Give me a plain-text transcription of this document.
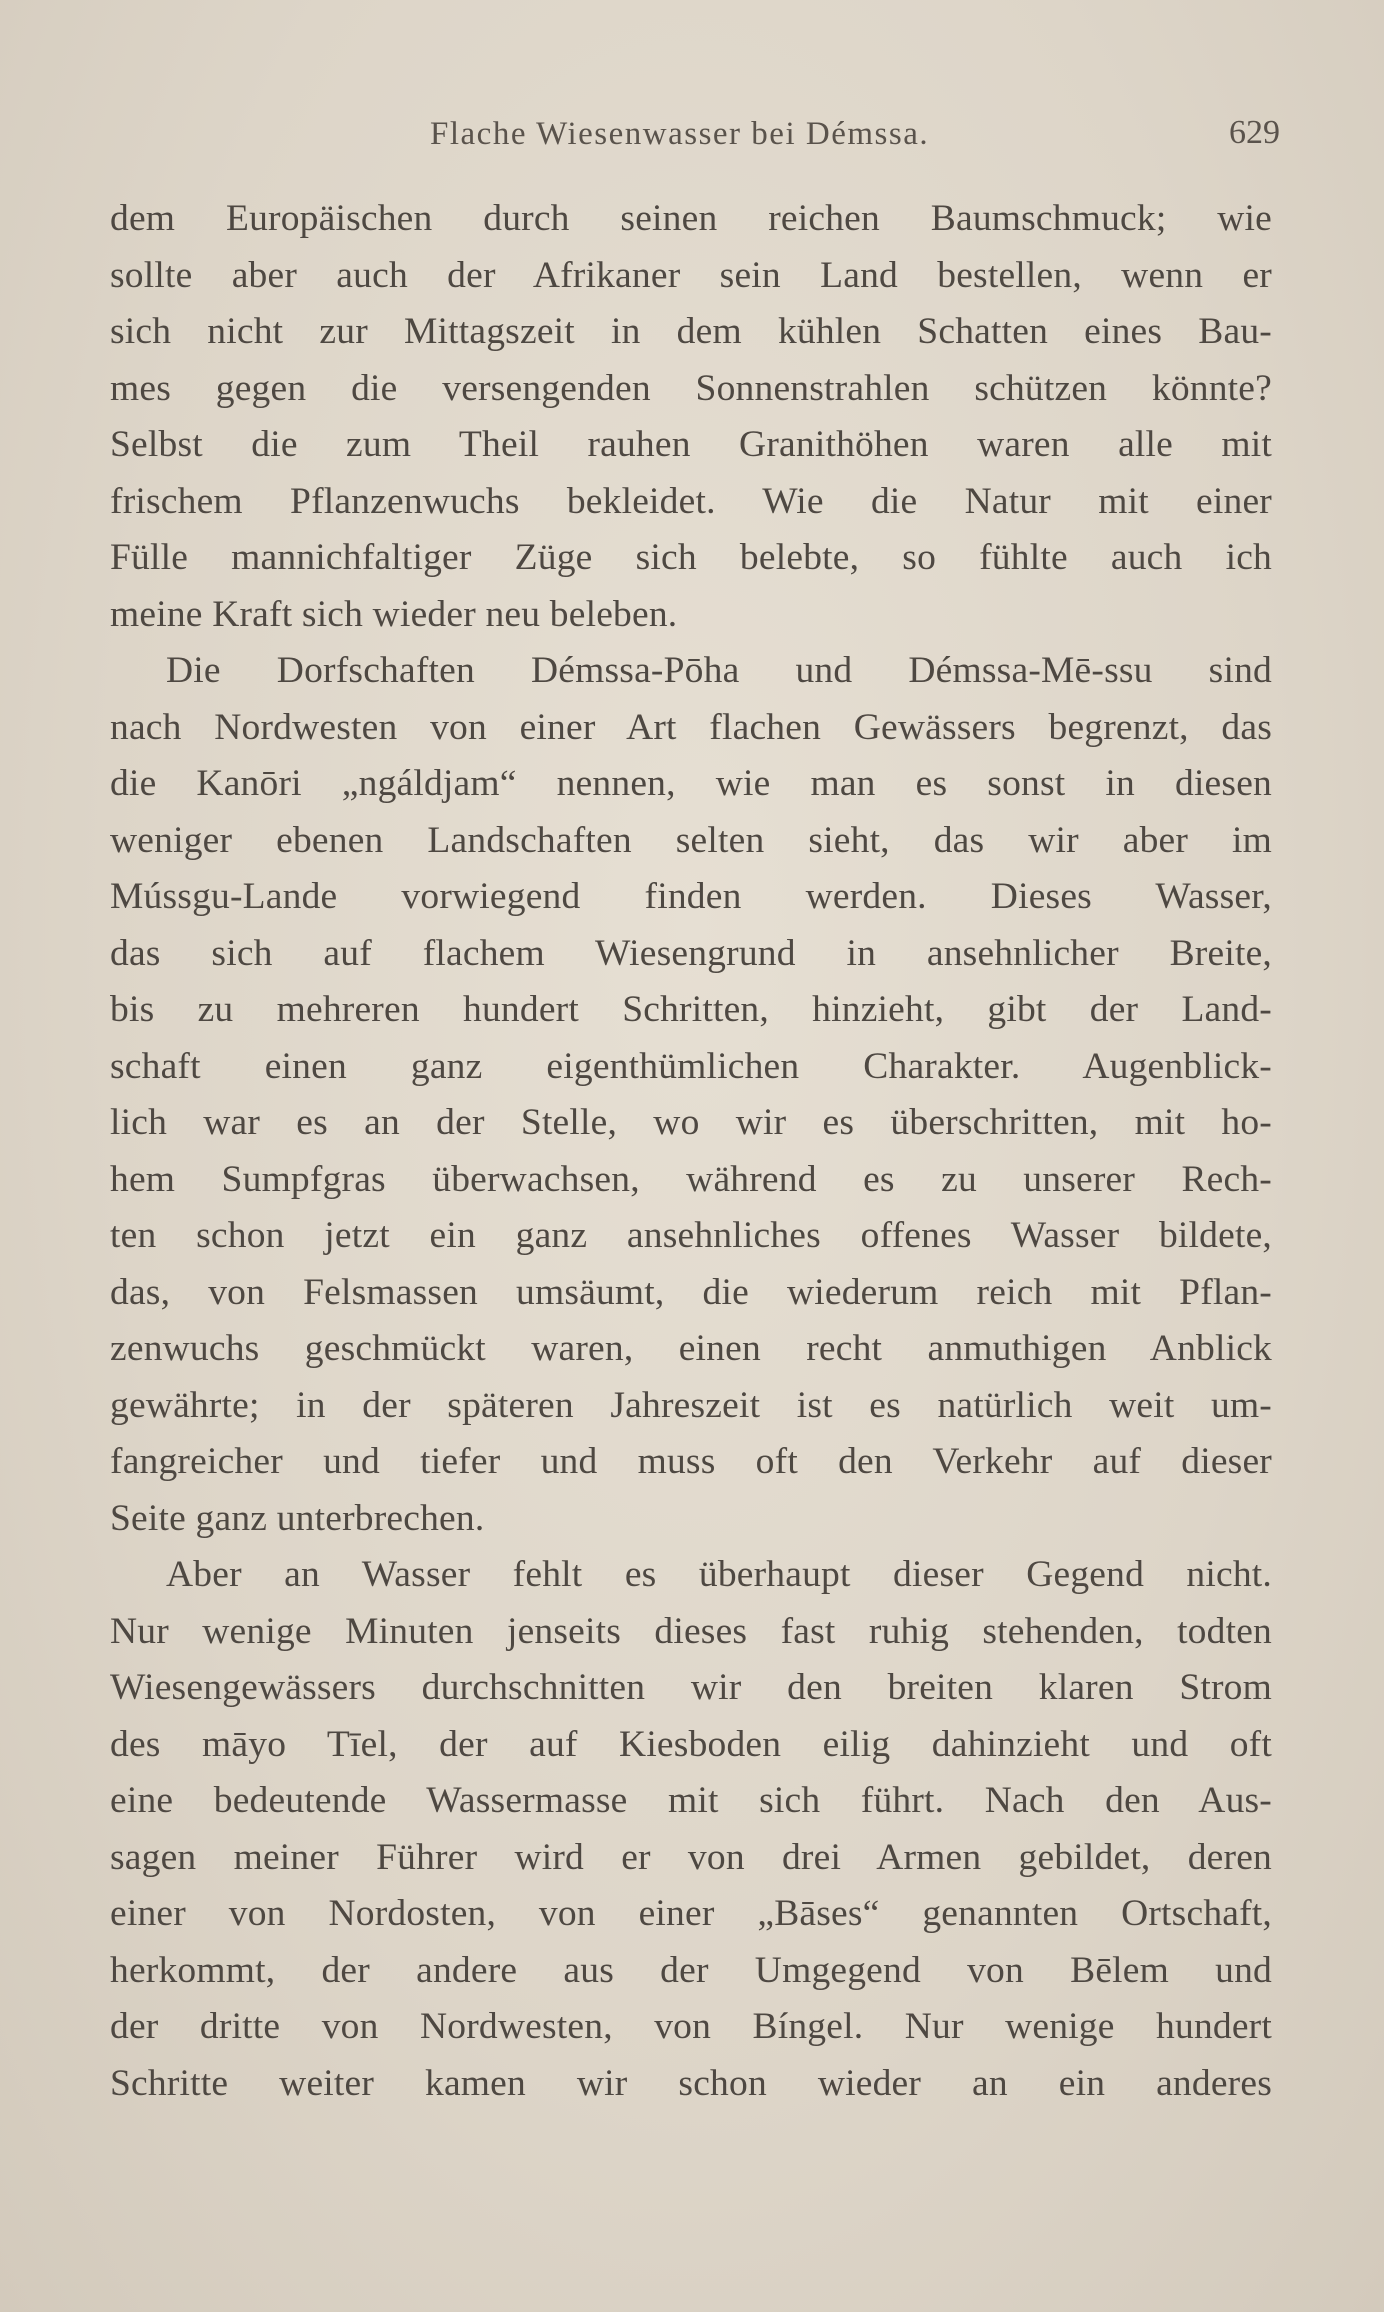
Flache Wiesenwasser bei Démssa.	629
dem Europäischen durch seinen reichen Baumschmuck; wie
sollte aber auch der Afrikaner sein Land bestellen, wenn er
sich nicht zur Mittagszeit in dem kühlen Schatten eines Bau-
mes gegen die versengenden Sonnenstrahlen schützen könnte?
Selbst die zum Theil rauhen Granithöhen waren alle mit
frischem Pflanzenwuchs bekleidet. Wie die Natur mit einer
Fülle mannichfaltiger Züge sich belebte, so fühlte auch ich
meine Kraft sich wieder neu beleben.
Die Dorfschaften Démssa-Pōha und Démssa-Mē-ssu sind
nach Nordwesten von einer Art flachen Gewässers begrenzt, das
die Kanōri „ngáldjam“ nennen, wie man es sonst in diesen
weniger ebenen Landschaften selten sieht, das wir aber im
Mússgu-Lande vorwiegend finden werden. Dieses Wasser,
das sich auf flachem Wiesengrund in ansehnlicher Breite,
bis zu mehreren hundert Schritten, hinzieht, gibt der Land-
schaft einen ganz eigenthümlichen Charakter. Augenblick-
lich war es an der Stelle, wo wir es überschritten, mit ho-
hem Sumpfgras überwachsen, während es zu unserer Rech-
ten schon jetzt ein ganz ansehnliches offenes Wasser bildete,
das, von Felsmassen umsäumt, die wiederum reich mit Pflan-
zenwuchs geschmückt waren, einen recht anmuthigen Anblick
gewährte; in der späteren Jahreszeit ist es natürlich weit um-
fangreicher und tiefer und muss oft den Verkehr auf dieser
Seite ganz unterbrechen.
Aber an Wasser fehlt es überhaupt dieser Gegend nicht.
Nur wenige Minuten jenseits dieses fast ruhig stehenden, todten
Wiesengewässers durchschnitten wir den breiten klaren Strom
des māyo Tīel, der auf Kiesboden eilig dahinzieht und oft
eine bedeutende Wassermasse mit sich führt. Nach den Aus-
sagen meiner Führer wird er von drei Armen gebildet, deren
einer von Nordosten, von einer „Bāses“ genannten Ortschaft,
herkommt, der andere aus der Umgegend von Bēlem und
der dritte von Nordwesten, von Bíngel. Nur wenige hundert
Schritte weiter kamen wir schon wieder an ein anderes
